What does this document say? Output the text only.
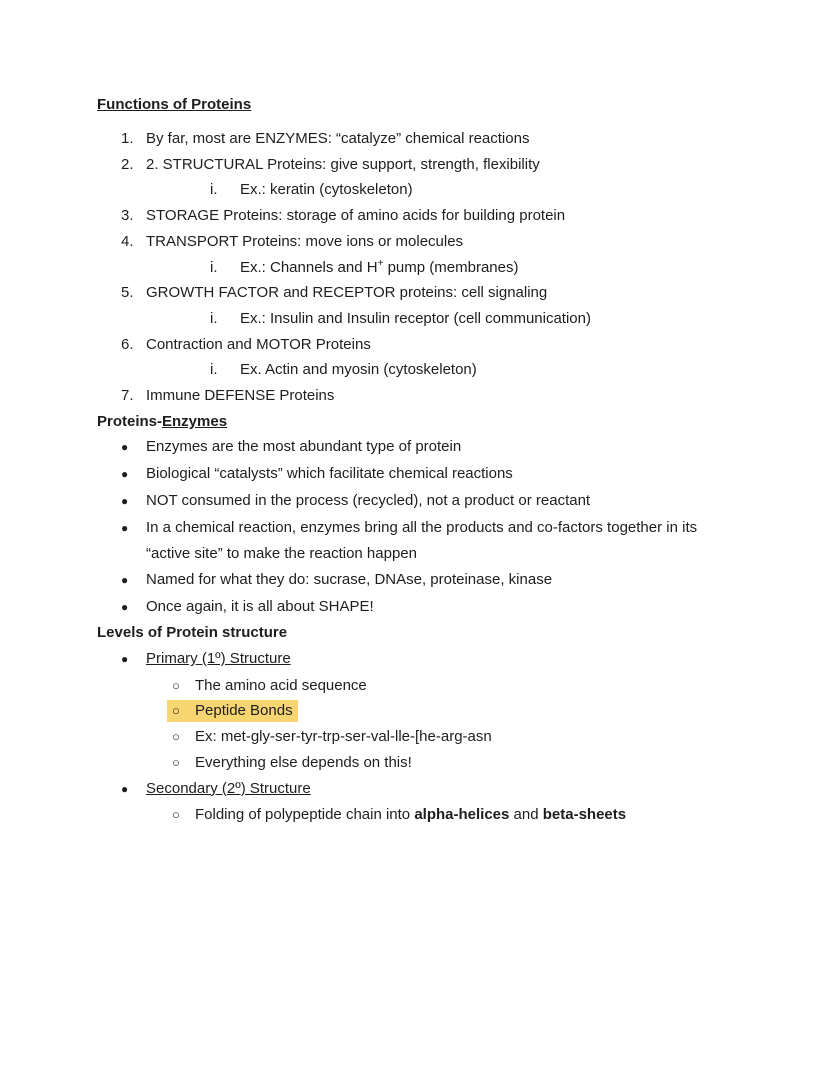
Functions of Proteins
1. By far, most are ENZYMES: “catalyze” chemical reactions
2. 2. STRUCTURAL Proteins: give support, strength, flexibility
i. Ex.: keratin (cytoskeleton)
3. STORAGE Proteins: storage of amino acids for building protein
4. TRANSPORT Proteins: move ions or molecules
i. Ex.: Channels and H+ pump (membranes)
5. GROWTH FACTOR and RECEPTOR proteins: cell signaling
i. Ex.: Insulin and Insulin receptor (cell communication)
6. Contraction and MOTOR Proteins
i. Ex. Actin and myosin (cytoskeleton)
7. Immune DEFENSE Proteins
Proteins-Enzymes
● Enzymes are the most abundant type of protein
● Biological “catalysts” which facilitate chemical reactions
● NOT consumed in the process (recycled), not a product or reactant
● In a chemical reaction, enzymes bring all the products and co-factors together in its
“active site” to make the reaction happen
● Named for what they do: sucrase, DNAse, proteinase, kinase
● Once again, it is all about SHAPE!
Levels of Protein structure
● Primary (1º) Structure
○ The amino acid sequence
○ Peptide Bonds
○ Ex: met-gly-ser-tyr-trp-ser-val-lle-[he-arg-asn
○ Everything else depends on this!
● Secondary (2º) Structure
○ Folding of polypeptide chain into alpha-helices and beta-sheets
